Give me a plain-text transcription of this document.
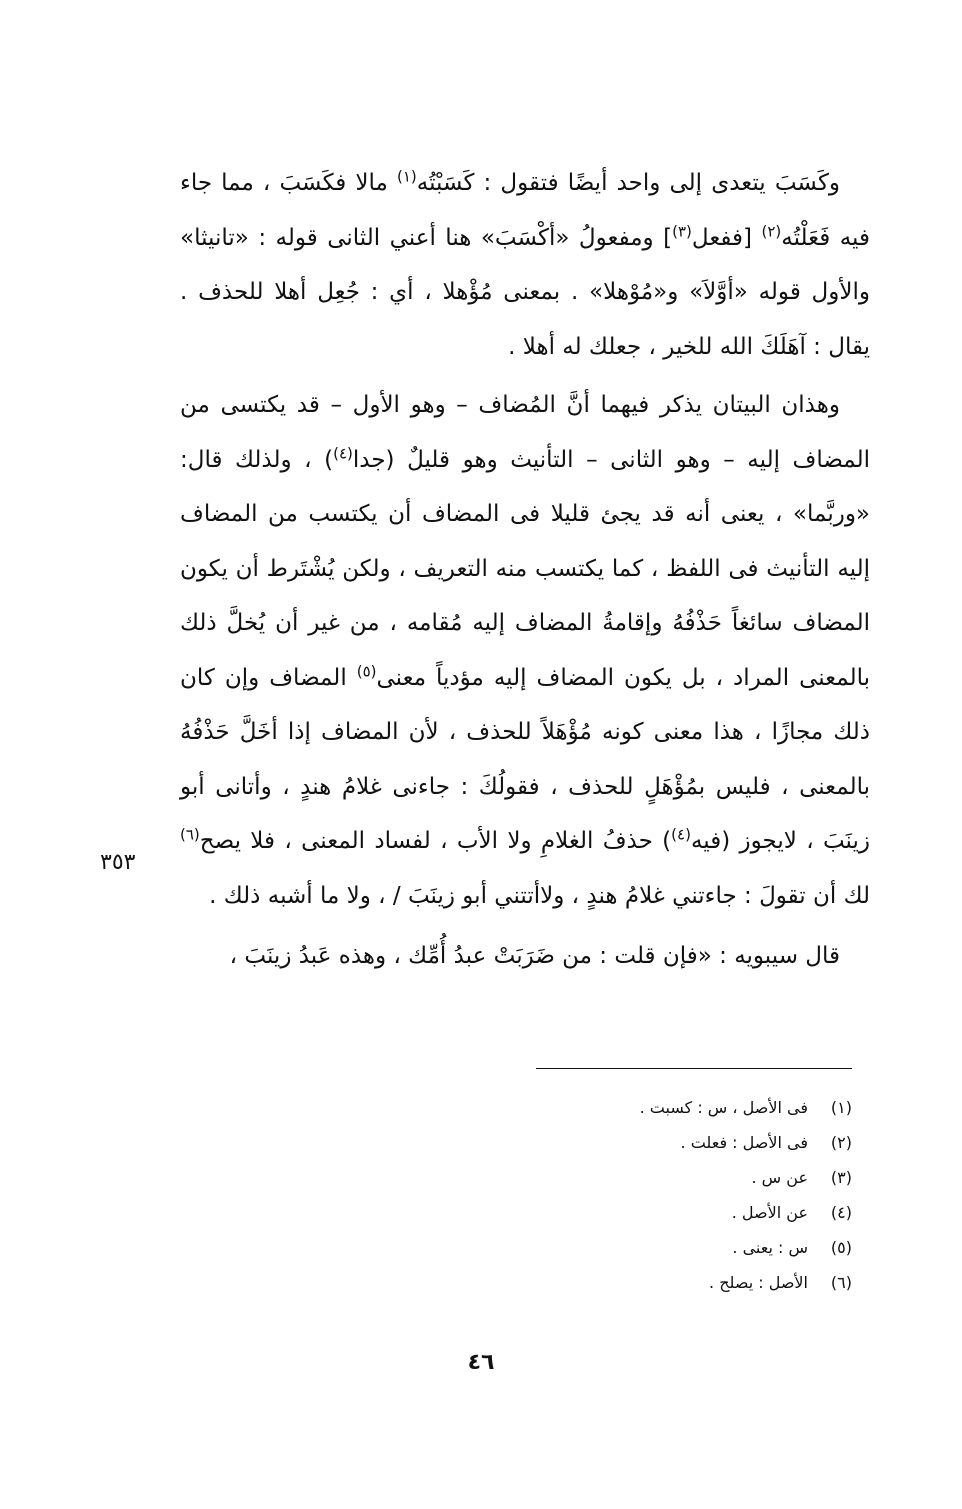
وكَسَبَ يتعدى إلى واحد أيضًا فتقول : كَسَبْتُه$^{(١)}$ مالا فكَسَبَ ، مما جاء فيه فَعَلْتُه$^{(٢)}$ [ففعل$^{(٣)}$] ومفعولُ «أكْسَبَ» هنا أعني الثانى قوله : «تانيثا» والأول قوله «أوَّلاَ» و«مُوْهلا» . بمعنى مُؤْهلا ، أي : جُعِل أهلا للحذف . يقال : آهَلَكَ الله للخير ، جعلك له أهلا .

وهذان البيتان يذكر فيهما أنَّ المُضاف – وهو الأول – قد يكتسى من المضاف إليه – وهو الثانى – التأنيث وهو قليلٌ (جدا$^{(٤)}$) ، ولذلك قال: «وربَّما» ، يعنى أنه قد يجئ قليلا فى المضاف أن يكتسب من المضاف إليه التأنيث فى اللفظ ، كما يكتسب منه التعريف ، ولكن يُشْتَرط أن يكون المضاف سائغاً حَذْفُهُ وإقامةُ المضاف إليه مُقامه ، من غير أن يُخلَّ ذلك بالمعنى المراد ، بل يكون المضاف إليه مؤدياً معنى$^{(٥)}$ المضاف وإن كان ذلك مجازًا ، هذا معنى كونه مُؤْهَلاً للحذف ، لأن المضاف إذا أخَلَّ حَذْفُهُ بالمعنى ، فليس بمُؤْهَلٍ للحذف ، فقولُكَ : جاءنى غلامُ هندٍ ، وأتانى أبو زينَبَ ، لايجوز (فيه$^{(٤)}$) حذفُ الغلامِ ولا الأب ، لفساد المعنى ، فلا يصح$^{(٦)}$ لك أن تقولَ : جاءتني غلامُ هندٍ ، ولاأتتني أبو زينَبَ / ، ولا ما أشبه ذلك .

قال سيبويه : «فإن قلت : من ضَرَبَتْ عبدُ أُمِّك ، وهذه عَبدُ زينَبَ ،

٣٥٣
(١)فى الأصل ، س : كسبت .
(٢)فى الأصل : فعلت .
(٣)عن س .
(٤)عن الأصل .
(٥)س : يعنى .
(٦)الأصل : يصلح .
٤٦
